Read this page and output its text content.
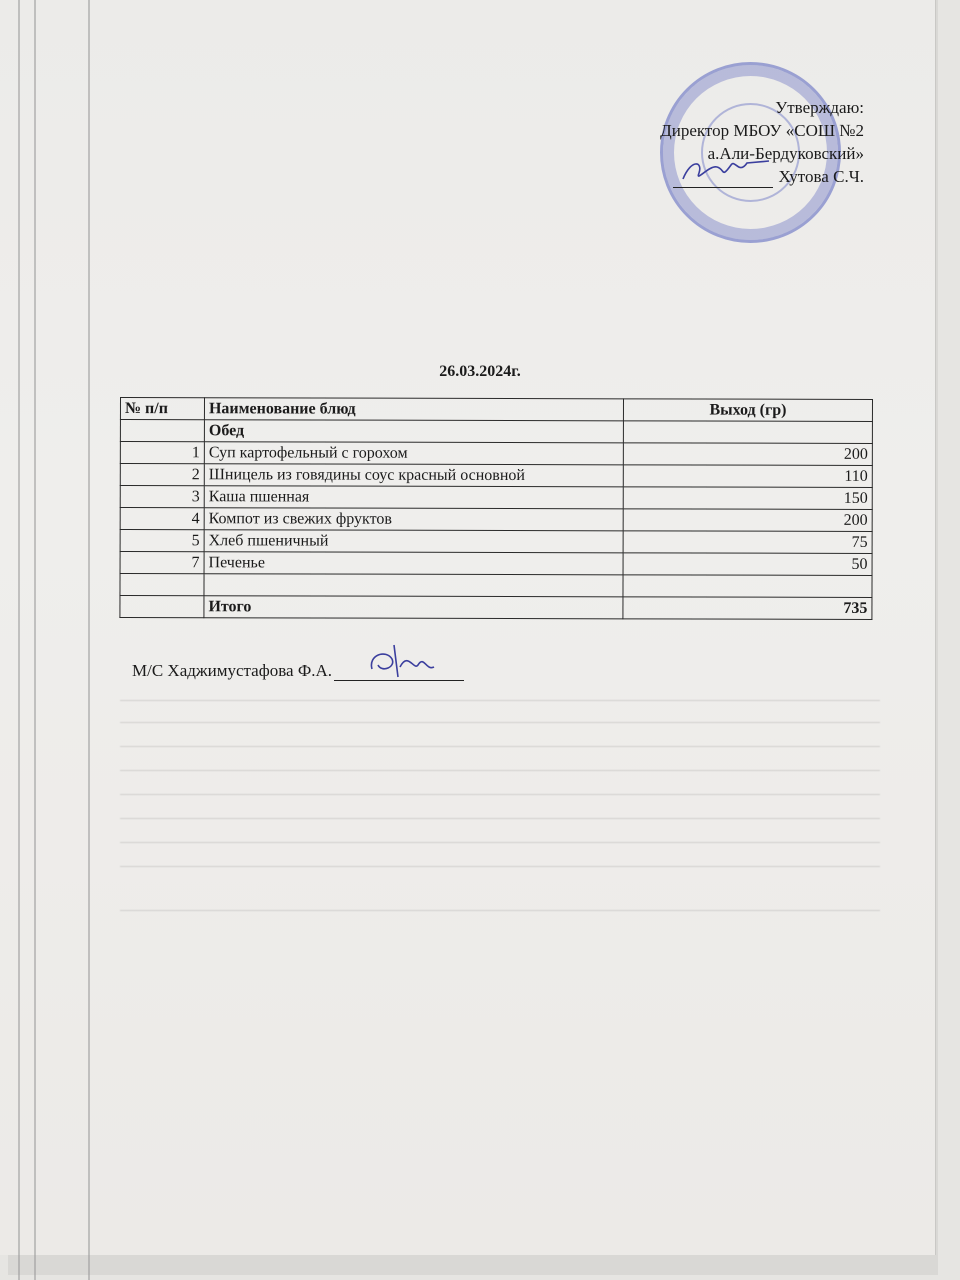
Утверждаю:
Директор МБОУ «СОШ №2
а.Али-Бердуковский»
Хутова С.Ч.
26.03.2024г.
№ п/п	Наименование блюд	Выход (гр)
	Обед	
1	Суп картофельный с горохом	200
2	Шницель из говядины соус красный основной	110
3	Каша пшенная	150
4	Компот из свежих фруктов	200
5	Хлеб пшеничный	75
7	Печенье	50

	Итого	735
М/С Хаджимустафова Ф.А.
